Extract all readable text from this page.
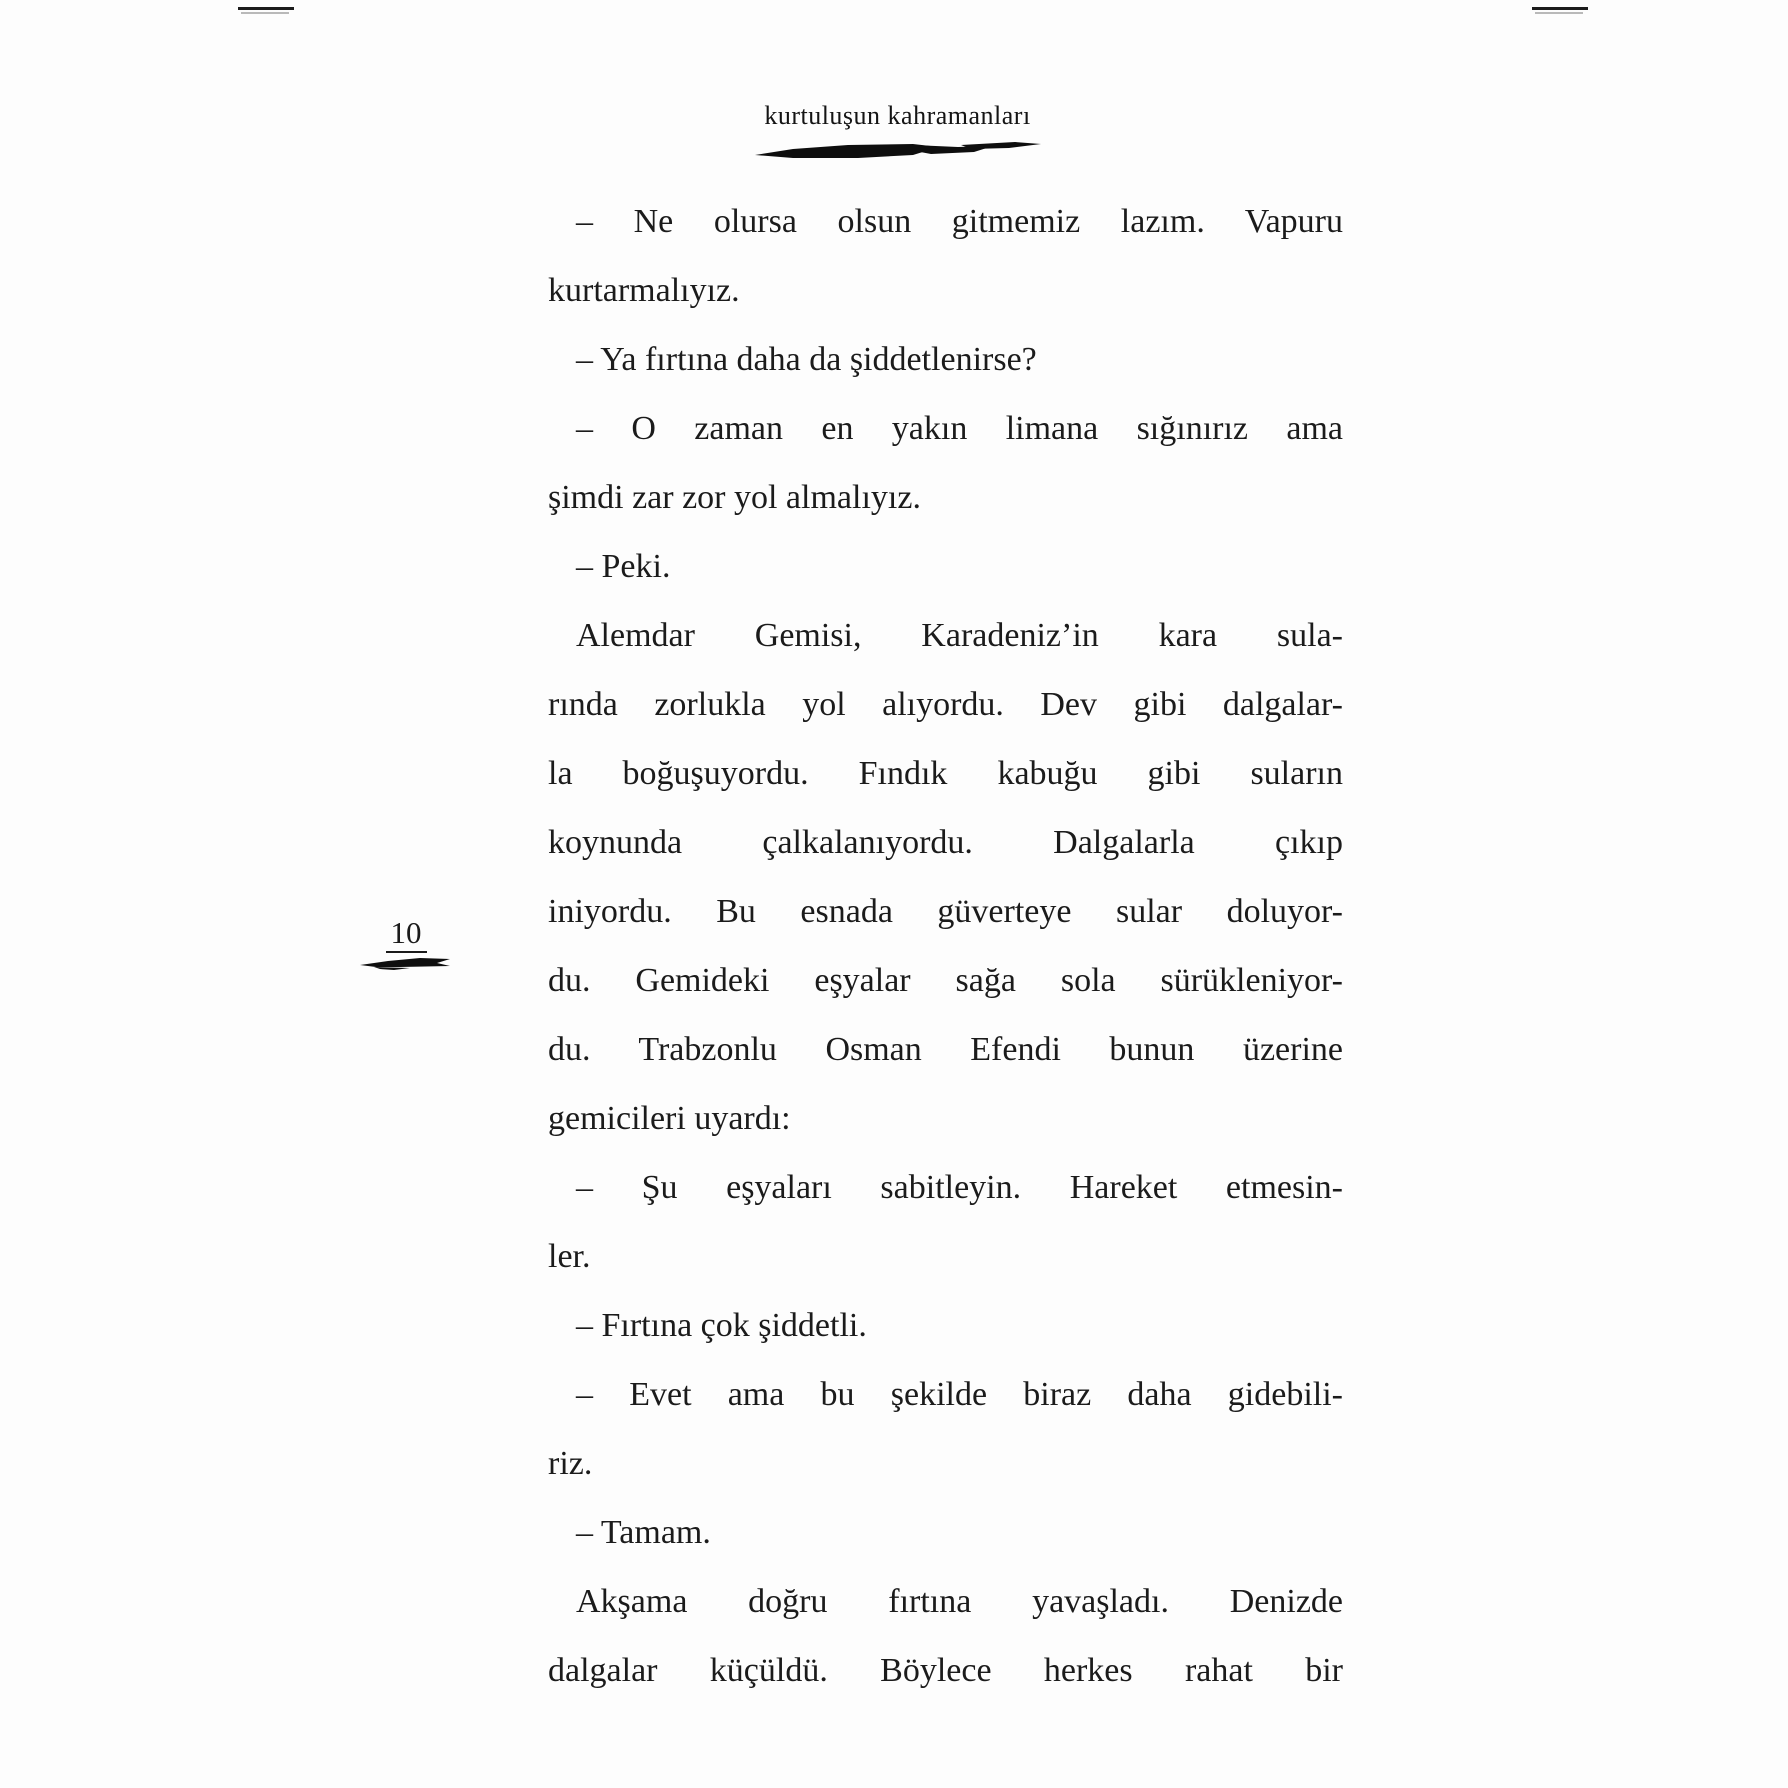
kurtuluşun kahramanları
10
– Ne olursa olsun gitmemiz lazım. Vapuru
kurtarmalıyız.
– Ya fırtına daha da şiddetlenirse?
– O zaman en yakın limana sığınırız ama
şimdi zar zor yol almalıyız.
– Peki.
Alemdar Gemisi, Karadeniz’in kara sula-
rında zorlukla yol alıyordu. Dev gibi dalgalar-
la boğuşuyordu. Fındık kabuğu gibi suların
koynunda çalkalanıyordu. Dalgalarla çıkıp
iniyordu. Bu esnada güverteye sular doluyor-
du. Gemideki eşyalar sağa sola sürükleniyor-
du. Trabzonlu Osman Efendi bunun üzerine
gemicileri uyardı:
– Şu eşyaları sabitleyin. Hareket etmesin-
ler.
– Fırtına çok şiddetli.
– Evet ama bu şekilde biraz daha gidebili-
riz.
– Tamam.
Akşama doğru fırtına yavaşladı. Denizde
dalgalar küçüldü. Böylece herkes rahat bir
